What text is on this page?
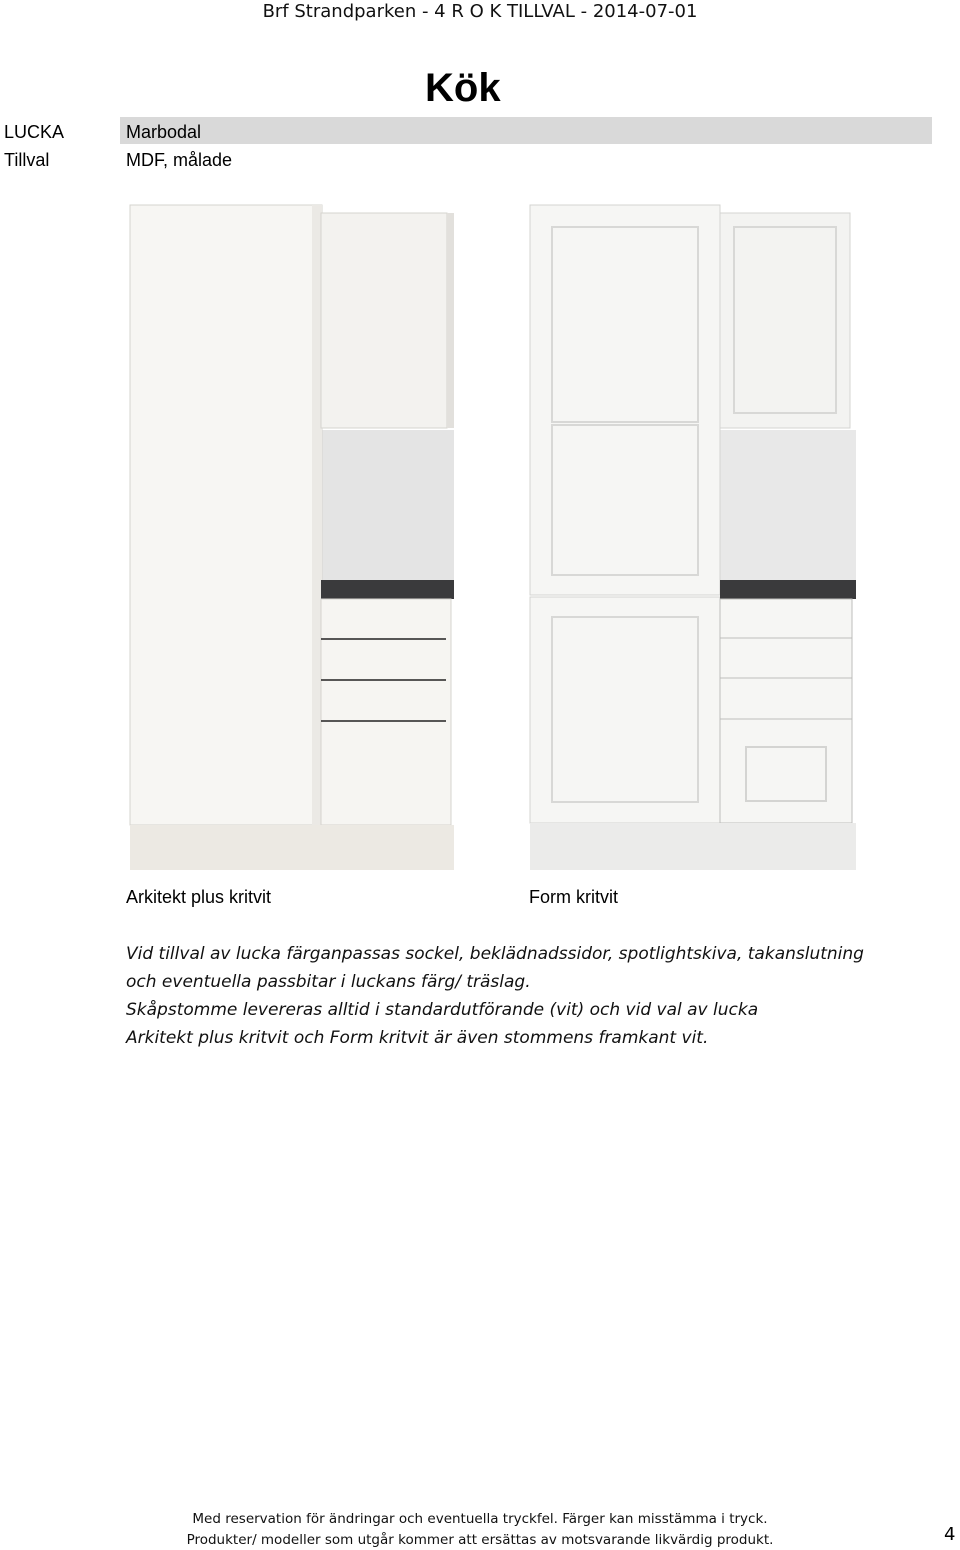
Brf Strandparken - 4 R O K TILLVAL - 2014-07-01
Kök
LUCKA	Marbodal
Tillval	MDF, målade
Arkitekt plus kritvit	Form kritvit

Vid tillval av lucka färganpassas sockel, beklädnadssidor, spotlightskiva, takanslutning

och eventuella passbitar i luckans färg/ träslag.

Skåpstomme levereras alltid i standardutförande (vit) och vid val av lucka

Arkitekt plus kritvit och Form kritvit är även stommens framkant vit.

Med reservation för ändringar och eventuella tryckfel. Färger kan misstämma i tryck.
Produkter/ modeller som utgår kommer att ersättas av motsvarande likvärdig produkt.	4
